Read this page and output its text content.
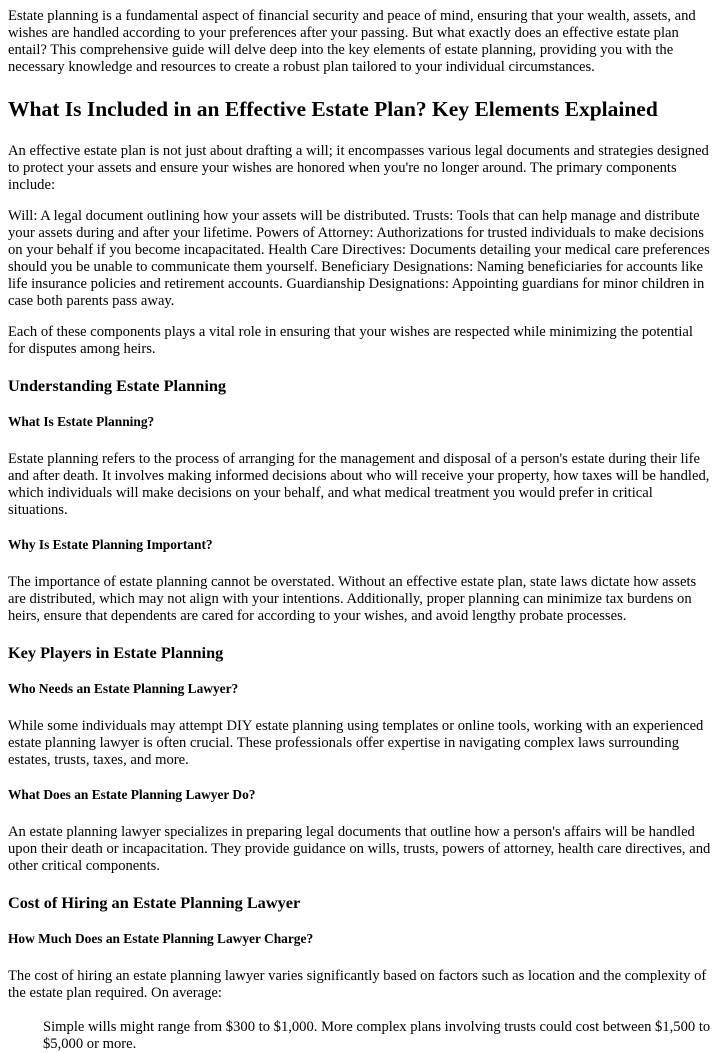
Estate planning is a fundamental aspect of financial security and peace of mind, ensuring that your wealth, assets, and wishes are handled according to your preferences after your passing. But what exactly does an effective estate plan entail? This comprehensive guide will delve deep into the key elements of estate planning, providing you with the necessary knowledge and resources to create a robust plan tailored to your individual circumstances.

What Is Included in an Effective Estate Plan? Key Elements Explained

An effective estate plan is not just about drafting a will; it encompasses various legal documents and strategies designed to protect your assets and ensure your wishes are honored when you're no longer around. The primary components include:

Will: A legal document outlining how your assets will be distributed. Trusts: Tools that can help manage and distribute your assets during and after your lifetime. Powers of Attorney: Authorizations for trusted individuals to make decisions on your behalf if you become incapacitated. Health Care Directives: Documents detailing your medical care preferences should you be unable to communicate them yourself. Beneficiary Designations: Naming beneficiaries for accounts like life insurance policies and retirement accounts. Guardianship Designations: Appointing guardians for minor children in case both parents pass away.

Each of these components plays a vital role in ensuring that your wishes are respected while minimizing the potential for disputes among heirs.

Understanding Estate Planning
What Is Estate Planning?

Estate planning refers to the process of arranging for the management and disposal of a person's estate during their life and after death. It involves making informed decisions about who will receive your property, how taxes will be handled, which individuals will make decisions on your behalf, and what medical treatment you would prefer in critical situations.

Why Is Estate Planning Important?

The importance of estate planning cannot be overstated. Without an effective estate plan, state laws dictate how assets are distributed, which may not align with your intentions. Additionally, proper planning can minimize tax burdens on heirs, ensure that dependents are cared for according to your wishes, and avoid lengthy probate processes.

Key Players in Estate Planning
Who Needs an Estate Planning Lawyer?

While some individuals may attempt DIY estate planning using templates or online tools, working with an experienced estate planning lawyer is often crucial. These professionals offer expertise in navigating complex laws surrounding estates, trusts, taxes, and more.

What Does an Estate Planning Lawyer Do?

An estate planning lawyer specializes in preparing legal documents that outline how a person's affairs will be handled upon their death or incapacitation. They provide guidance on wills, trusts, powers of attorney, health care directives, and other critical components.

Cost of Hiring an Estate Planning Lawyer
How Much Does an Estate Planning Lawyer Charge?

The cost of hiring an estate planning lawyer varies significantly based on factors such as location and the complexity of the estate plan required. On average:

Simple wills might range from $300 to $1,000. More complex plans involving trusts could cost between $1,500 to $5,000 or more.
